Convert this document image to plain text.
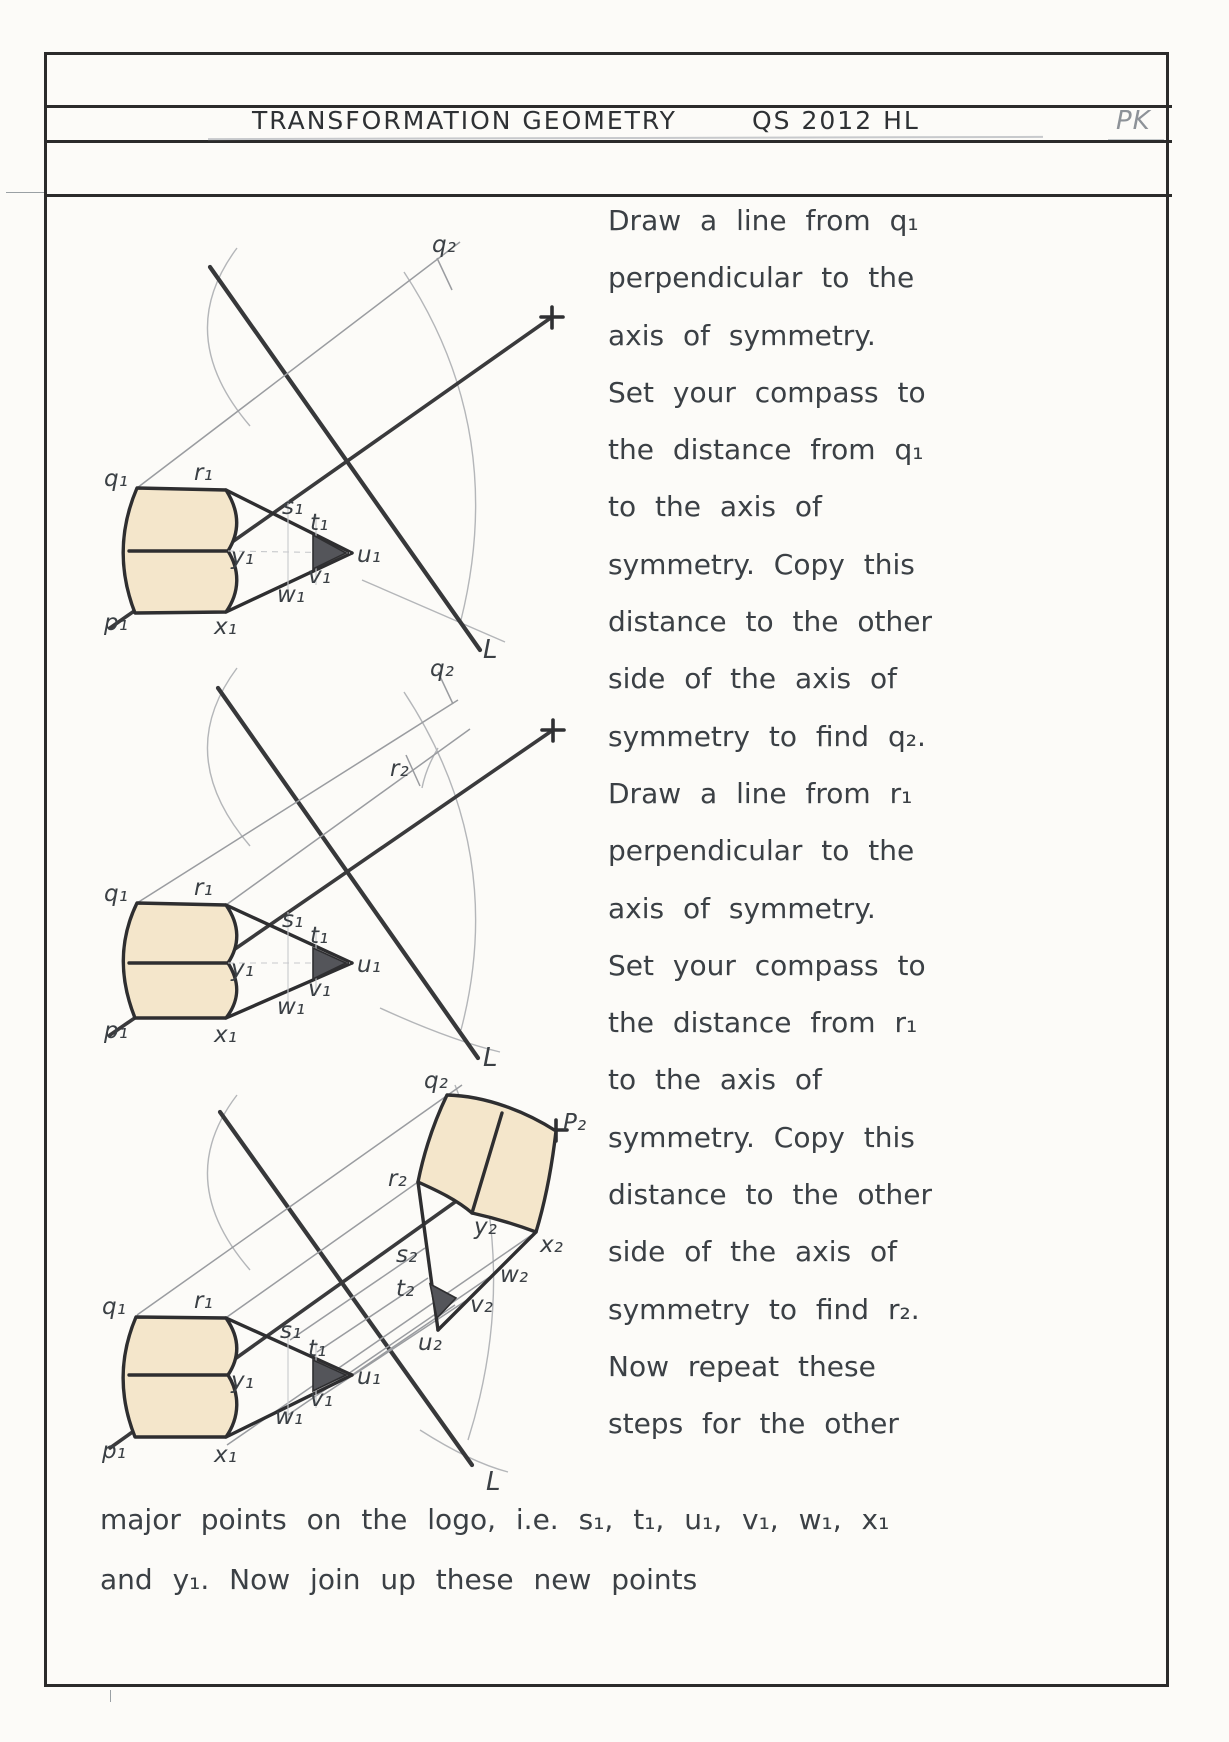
TRANSFORMATION GEOMETRY	QS 2012 HL	PK
Draw a line from q₁
perpendicular to the
axis of symmetry.
Set your compass to
the distance from q₁
to the axis of
symmetry. Copy this
distance to the other
side of the axis of
symmetry to find q₂.
Draw a line from r₁
perpendicular to the
axis of symmetry.
Set your compass to
the distance from r₁
to the axis of
symmetry. Copy this
distance to the other
side of the axis of
symmetry to find r₂.
Now repeat these
steps for the other
major points on the logo, i.e. s₁, t₁, u₁, v₁, w₁, x₁
and y₁. Now join up these new points
q₁	r₁
s₁
t₁
u₁
v₁
w₁
x₁
y₁
p₁
q₂
L
q₁	r₁
s₁
t₁
u₁
v₁
w₁
x₁
y₁
p₁
q₂
r₂
L
q₁	r₁
s₁
t₁
u₁
v₁
w₁
x₁
y₁
p₁
q₂
P₂
r₂
y₂
x₂
s₂
w₂
t₂
v₂
u₂
L
